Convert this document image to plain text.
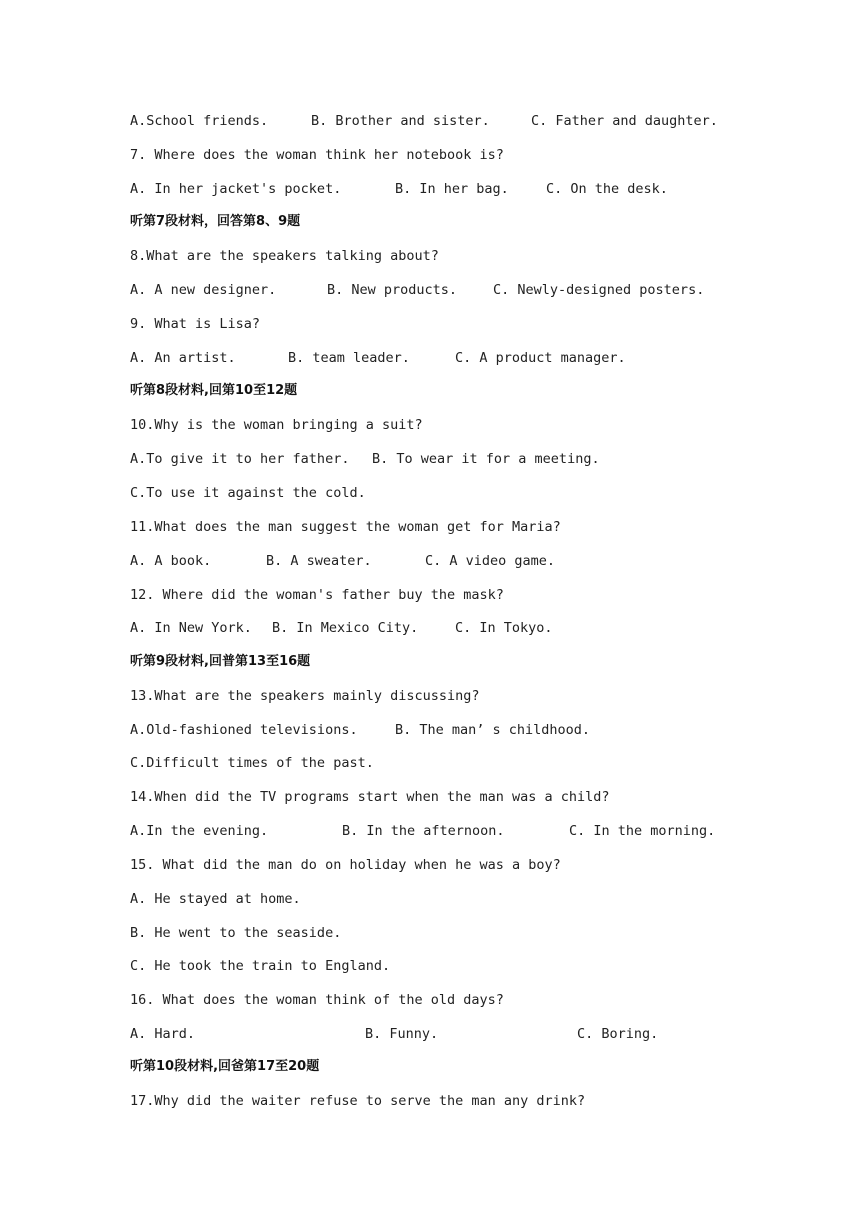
A.School friends.	B. Brother and sister.	C. Father and daughter.
7. Where does the woman think her notebook is?
A. In her jacket's pocket.	B. In her bag.	C. On the desk.
听第7段材料，回答第8、9题
8.What are the speakers talking about?
A. A new designer.	B. New products.	C. Newly-designed posters.
9. What is Lisa?
A. An artist.	B. team leader.	C. A product manager.
听第8段材料,回第10至12题
10.Why is the woman bringing a suit?
A.To give it to her father. B. To wear it for a meeting.
C.To use it against the cold.
11.What does the man suggest the woman get for Maria?
A. A book.	B. A sweater.	C. A video game.
12. Where did the woman's father buy the mask?
A. In New York. B. In Mexico City.	C. In Tokyo.
听第9段材料,回普第13至16题
13.What are the speakers mainly discussing?
A.Old-fashioned televisions.	B. The man’ s childhood.
C.Difficult times of the past.
14.When did the TV programs start when the man was a child?
A.In the evening.	B. In the afternoon.	C. In the morning.
15. What did the man do on holiday when he was a boy?
A. He stayed at home.
B. He went to the seaside.
C. He took the train to England.
16. What does the woman think of the old days?
A. Hard.	B. Funny.	C. Boring.
听第10段材料,回爸第17至20题
17.Why did the waiter refuse to serve the man any drink?
